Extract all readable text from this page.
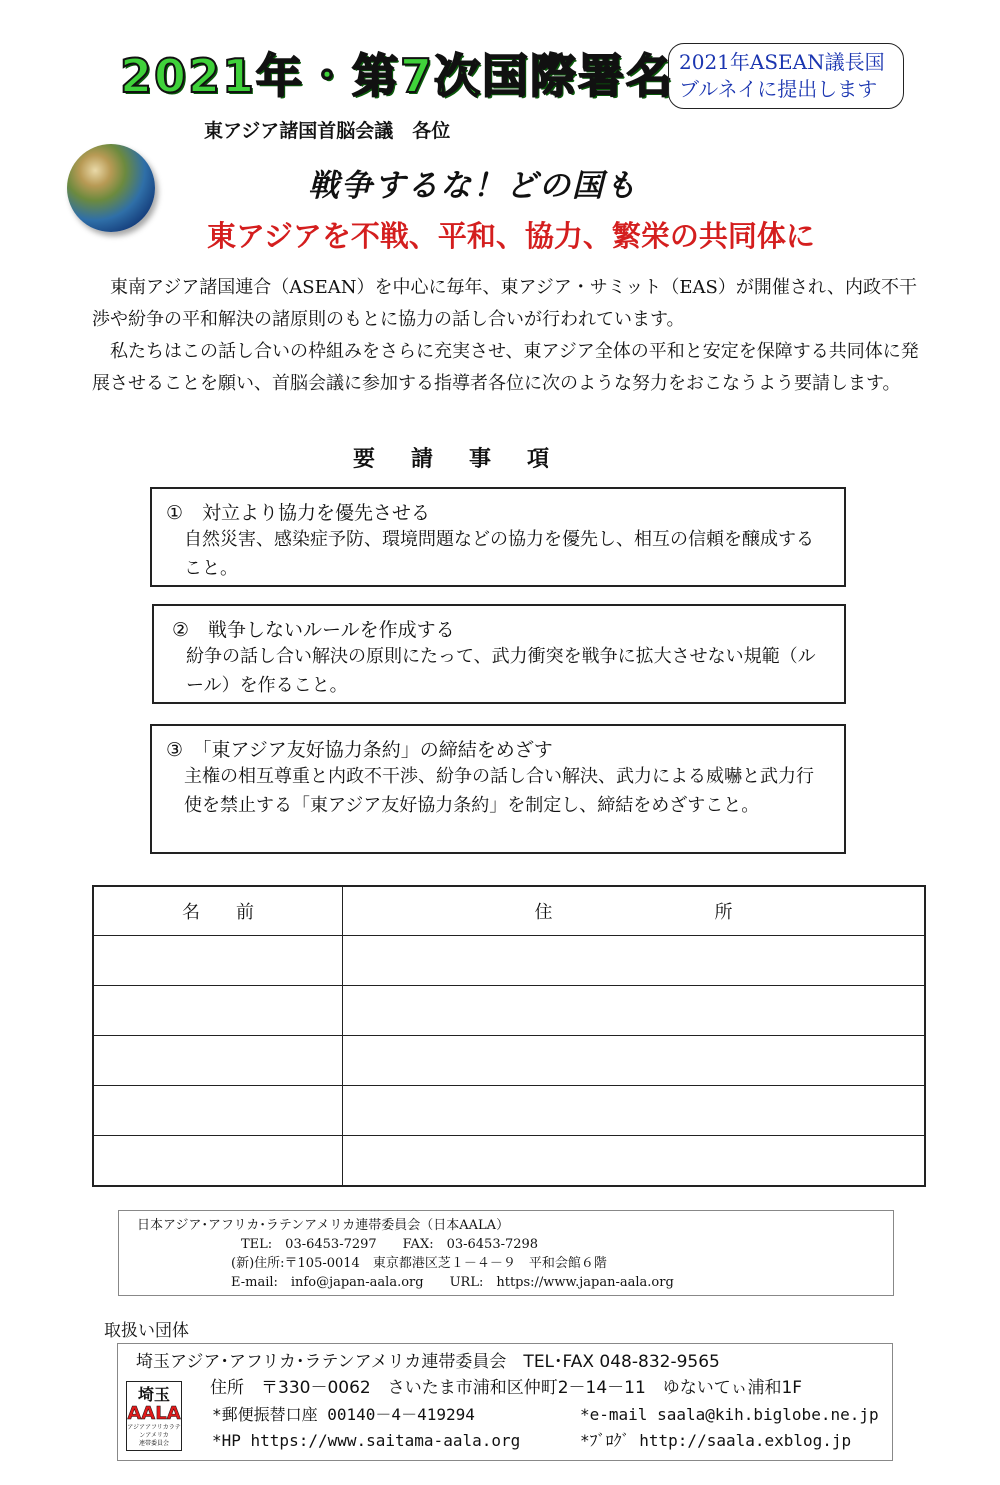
2021年・第7次国際署名 2021年ASEAN議長国
ブルネイに提出します
東アジア諸国首脳会議　各位
戦争するな！どの国も
東アジアを不戦、平和、協力、繁栄の共同体に

東南アジア諸国連合（ASEAN）を中心に毎年、東アジア・サミット（EAS）が開催され、内政不干渉や紛争の平和解決の諸原則のもとに協力の話し合いが行われています。

私たちはこの話し合いの枠組みをさらに充実させ、東アジア全体の平和と安定を保障する共同体に発展させることを願い、首脳会議に参加する指導者各位に次のような努力をおこなうよう要請します。

要請事項
①　対立より協力を優先させる
自然災害、感染症予防、環境問題などの協力を優先し、相互の信頼を醸成すること。
②　戦争しないルールを作成する
紛争の話し合い解決の原則にたって、武力衝突を戦争に拡大させない規範（ルール）を作ること。
③　「東アジア友好協力条約」の締結をめざす
主権の相互尊重と内政不干渉、紛争の話し合い解決、武力による威嚇と武力行使を禁止する「東アジア友好協力条約」を制定し、締結をめざすこと。
名　　前	住　　　　　　　　　所

日本アジア･アフリカ･ラテンアメリカ連帯委員会（日本AALA）
TEL:　03-6453-7297　　FAX:　03-6453-7298
(新)住所:〒105-0014　東京都港区芝１－４－９　平和会館６階
E-mail:　info@japan-aala.org　　URL:　https://www.japan-aala.org
取扱い団体
埼玉アジア･アフリカ･ラテンアメリカ連帯委員会　TEL･FAX 048-832-9565
住所　〒330－0062　さいたま市浦和区仲町2－14－11　ゆないてぃ浦和1F
*郵便振替口座 00140－4－419294	*e-mail saala@kih.biglobe.ne.jp
*HP https://www.saitama-aala.org	*ﾌﾞﾛｸﾞ http://saala.exblog.jp
埼玉
AALA
アジアアフリカラテンアメリカ
連帯委員会
